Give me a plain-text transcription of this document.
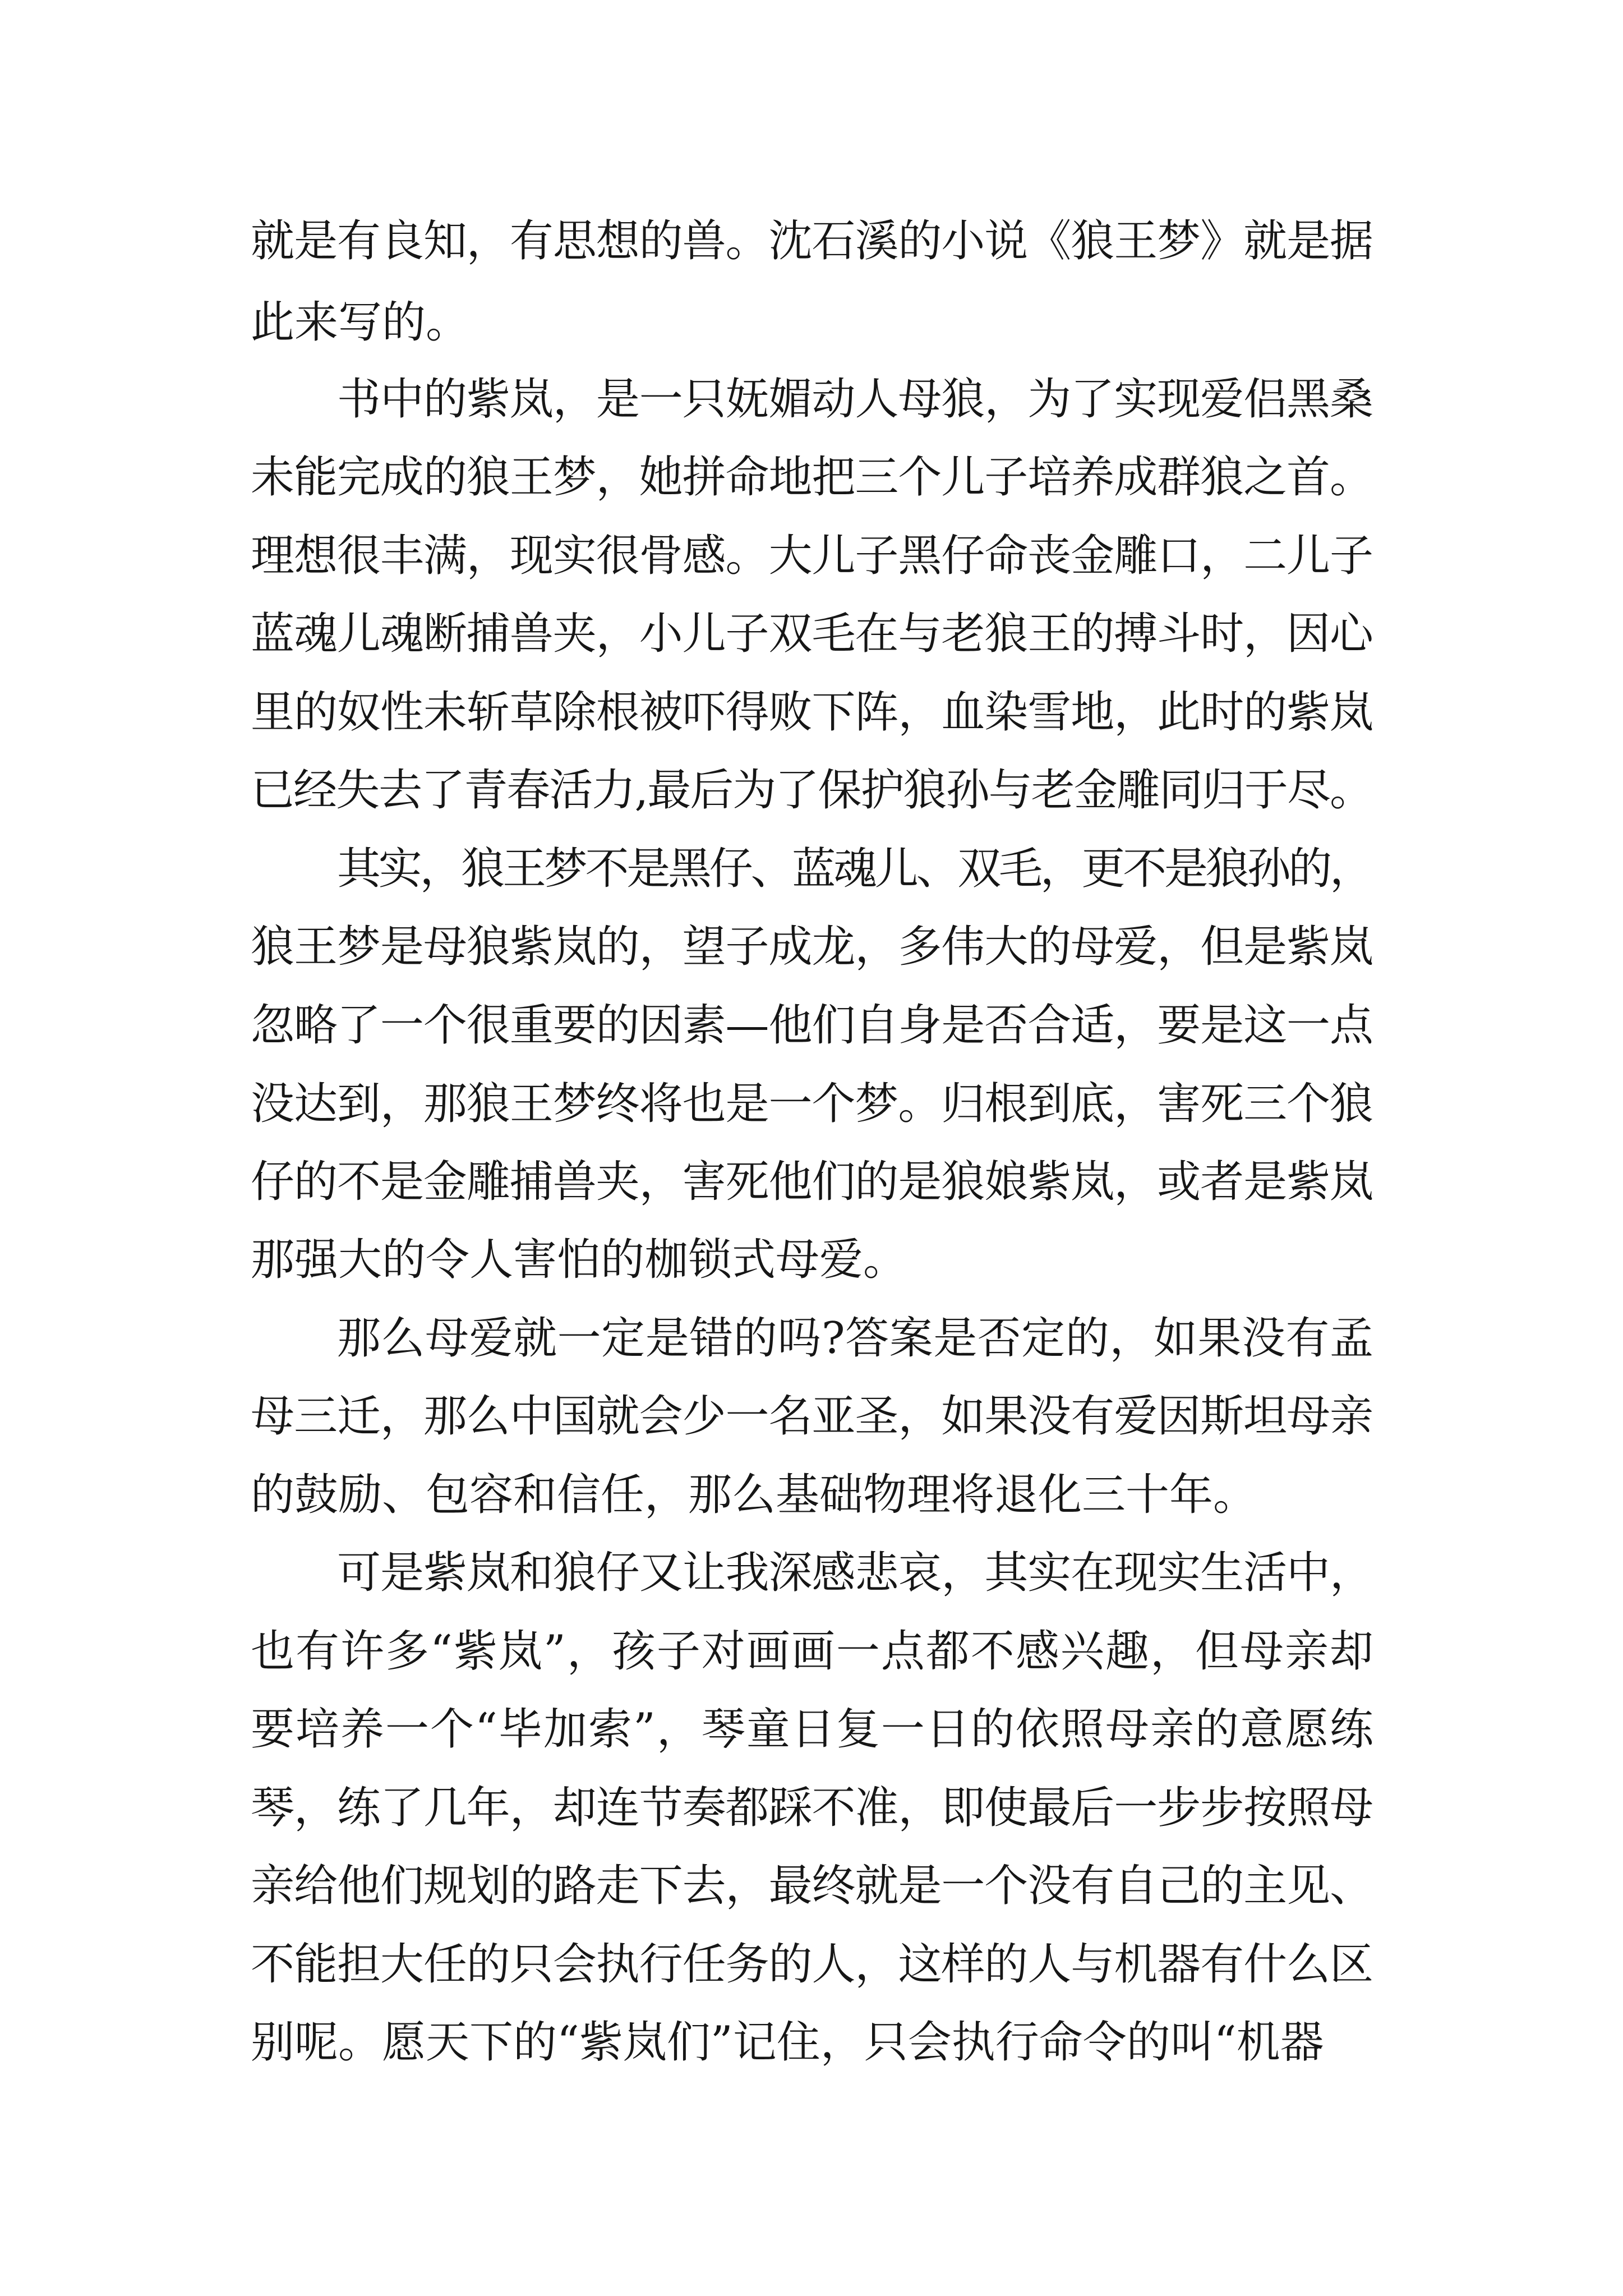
就是有良知，有思想的兽。沈石溪的小说《狼王梦》就是据
此来写的。
书中的紫岚，是一只妩媚动人母狼，为了实现爱侣黑桑
未能完成的狼王梦，她拼命地把三个儿子培养成群狼之首。
理想很丰满，现实很骨感。大儿子黑仔命丧金雕口，二儿子
蓝魂儿魂断捕兽夹，小儿子双毛在与老狼王的搏斗时，因心
里的奴性未斩草除根被吓得败下阵，血染雪地，此时的紫岚
已经失去了青春活力,最后为了保护狼孙与老金雕同归于尽。
其实，狼王梦不是黑仔、蓝魂儿、双毛，更不是狼孙的，
狼王梦是母狼紫岚的，望子成龙，多伟大的母爱，但是紫岚
忽略了一个很重要的因素—他们自身是否合适，要是这一点
没达到，那狼王梦终将也是一个梦。归根到底，害死三个狼
仔的不是金雕捕兽夹，害死他们的是狼娘紫岚，或者是紫岚
那强大的令人害怕的枷锁式母爱。
那么母爱就一定是错的吗?答案是否定的，如果没有孟
母三迁，那么中国就会少一名亚圣，如果没有爱因斯坦母亲
的鼓励、包容和信任，那么基础物理将退化三十年。
可是紫岚和狼仔又让我深感悲哀，其实在现实生活中，
也有许多“紫岚”，孩子对画画一点都不感兴趣，但母亲却
要培养一个“毕加索”，琴童日复一日的依照母亲的意愿练
琴，练了几年，却连节奏都踩不准，即使最后一步步按照母
亲给他们规划的路走下去，最终就是一个没有自己的主见、
不能担大任的只会执行任务的人，这样的人与机器有什么区
别呢。愿天下的“紫岚们”记住，只会执行命令的叫“机器
